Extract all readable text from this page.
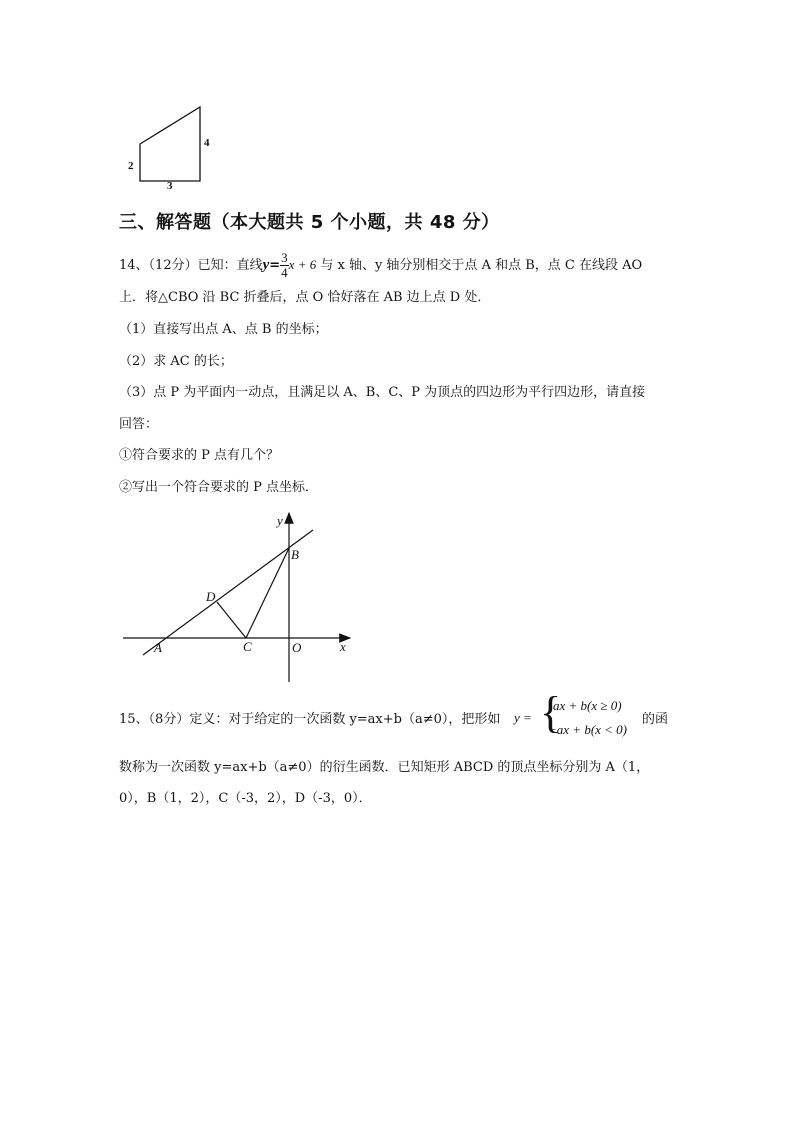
2
4
3
三、解答题（本大题共 5 个小题，共 48 分）
14、（12分）已知：直线$y= \frac{3}{4}$ x + 6 与 x 轴、y 轴分别相交于点 A 和点 B，点 C 在线段 AO
上．将△CBO 沿 BC 折叠后，点 O 恰好落在 AB 边上点 D 处．
（1）直接写出点 A、点 B 的坐标；
（2）求 AC 的长；
（3）点 P 为平面内一动点，且满足以 A、B、C、P 为顶点的四边形为平行四边形，请直接
回答：
①符合要求的 P 点有几个？
②写出一个符合要求的 P 点坐标．
y
B
D
A	C	O	x
15、（8分）定义：对于给定的一次函数 y=ax+b（a≠0），把形如 y = {
ax + b(x ≥ 0)
−ax + b(x < 0)
的函
数称为一次函数 y=ax+b（a≠0）的衍生函数．已知矩形 ABCD 的顶点坐标分别为 A（1，
0），B（1，2），C（-3，2），D（-3，0）．
